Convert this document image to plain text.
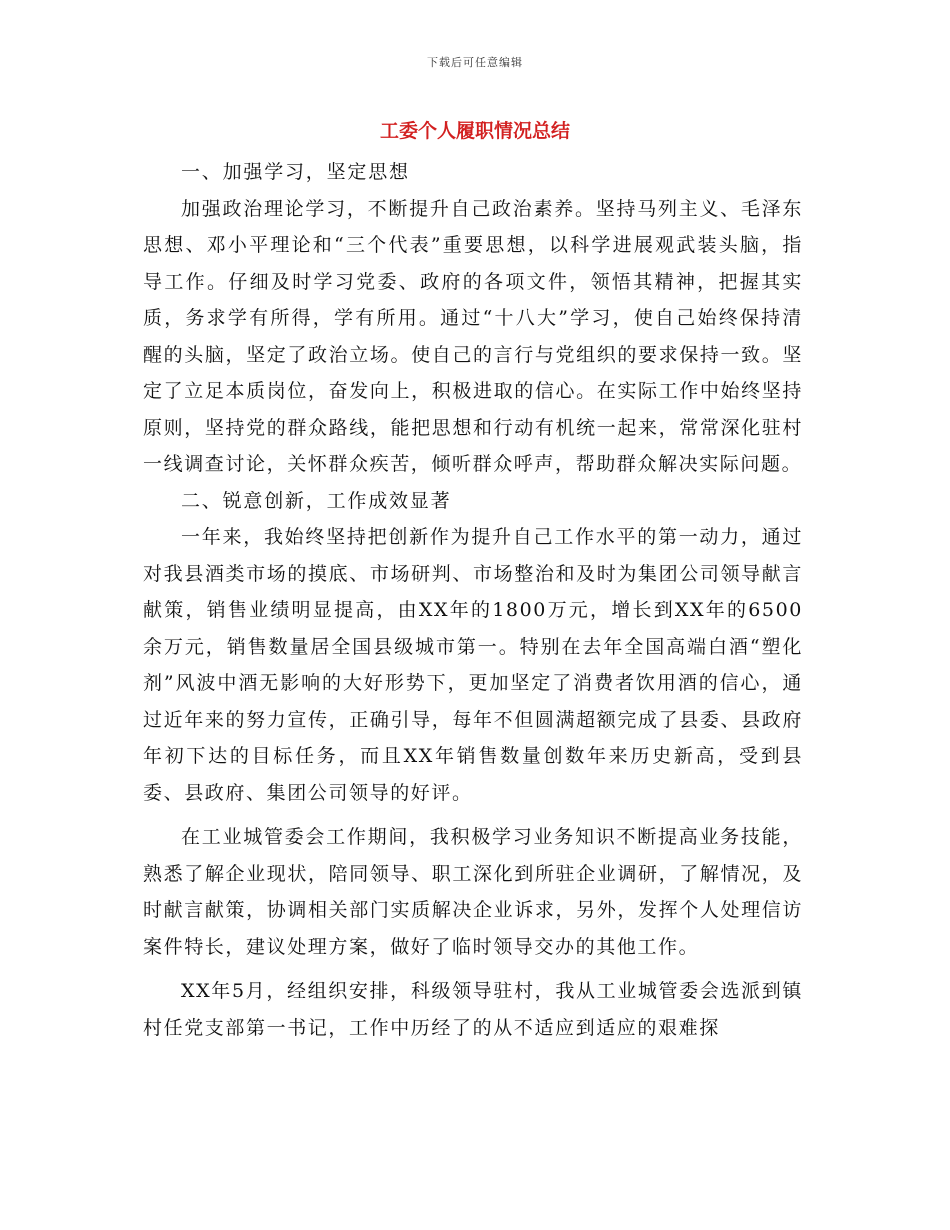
下载后可任意编辑
工委个人履职情况总结

一、加强学习，坚定思想

加强政治理论学习，不断提升自己政治素养。坚持马列主义、毛泽东思想、邓小平理论和“三个代表”重要思想，以科学进展观武装头脑，指导工作。仔细及时学习党委、政府的各项文件，领悟其精神，把握其实质，务求学有所得，学有所用。通过“十八大”学习，使自己始终保持清醒的头脑，坚定了政治立场。使自己的言行与党组织的要求保持一致。坚定了立足本质岗位，奋发向上，积极进取的信心。在实际工作中始终坚持原则，坚持党的群众路线，能把思想和行动有机统一起来，常常深化驻村一线调查讨论，关怀群众疾苦，倾听群众呼声，帮助群众解决实际问题。

二、锐意创新，工作成效显著

一年来，我始终坚持把创新作为提升自己工作水平的第一动力，通过对我县酒类市场的摸底、市场研判、市场整治和及时为集团公司领导献言献策，销售业绩明显提高，由XX年的1800万元，增长到XX年的6500余万元，销售数量居全国县级城市第一。特别在去年全国高端白酒“塑化剂”风波中酒无影响的大好形势下，更加坚定了消费者饮用酒的信心，通过近年来的努力宣传，正确引导，每年不但圆满超额完成了县委、县政府年初下达的目标任务，而且XX年销售数量创数年来历史新高，受到县委、县政府、集团公司领导的好评。

在工业城管委会工作期间，我积极学习业务知识不断提高业务技能，熟悉了解企业现状，陪同领导、职工深化到所驻企业调研，了解情况，及时献言献策，协调相关部门实质解决企业诉求，另外，发挥个人处理信访案件特长，建议处理方案，做好了临时领导交办的其他工作。

XX年5月，经组织安排，科级领导驻村，我从工业城管委会选派到镇村任党支部第一书记，工作中历经了的从不适应到适应的艰难探
